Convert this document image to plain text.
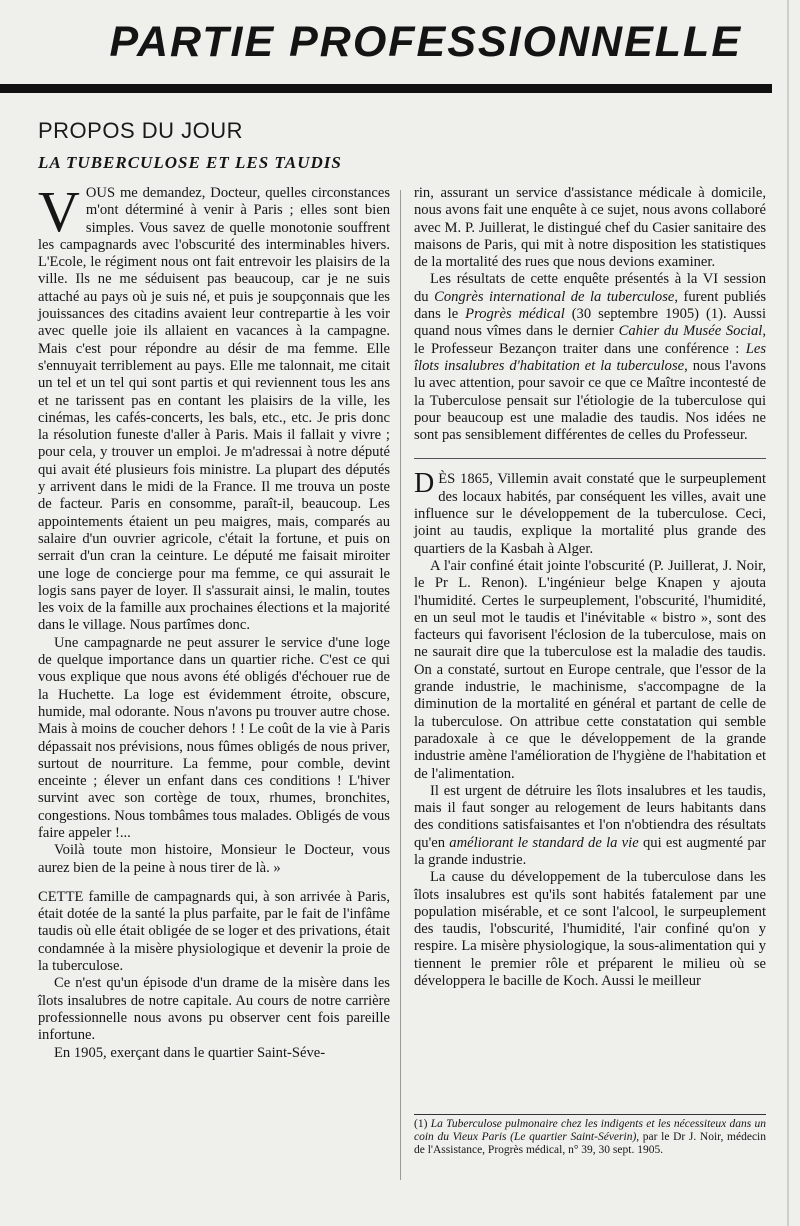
PARTIE PROFESSIONNELLE
PROPOS DU JOUR
LA TUBERCULOSE ET LES TAUDIS

VOUS me demandez, Docteur, quelles circonstances m'ont déterminé à venir à Paris ; elles sont bien simples. Vous savez de quelle monotonie souffrent les campagnards avec l'obscurité des interminables hivers. L'Ecole, le régiment nous ont fait entrevoir les plaisirs de la ville. Ils ne me séduisent pas beaucoup, car je ne suis attaché au pays où je suis né, et puis je soupçonnais que les jouissances des citadins avaient leur contrepartie à les voir avec quelle joie ils allaient en vacances à la campagne. Mais c'est pour répondre au désir de ma femme. Elle s'ennuyait terriblement au pays. Elle me talonnait, me citait un tel et un tel qui sont partis et qui reviennent tous les ans et ne tarissent pas en contant les plaisirs de la ville, les cinémas, les cafés-concerts, les bals, etc., etc. Je pris donc la résolution funeste d'aller à Paris. Mais il fallait y vivre ; pour cela, y trouver un emploi. Je m'adressai à notre député qui avait été plusieurs fois ministre. La plupart des députés y arrivent dans le midi de la France. Il me trouva un poste de facteur. Paris en consomme, paraît-il, beaucoup. Les appointements étaient un peu maigres, mais, comparés au salaire d'un ouvrier agricole, c'était la fortune, et puis on serrait d'un cran la ceinture. Le député me faisait miroiter une loge de concierge pour ma femme, ce qui assurait le logis sans payer de loyer. Il s'assurait ainsi, le malin, toutes les voix de la famille aux prochaines élections et la majorité dans le village. Nous partîmes donc.

Une campagnarde ne peut assurer le service d'une loge de quelque importance dans un quartier riche. C'est ce qui vous explique que nous avons été obligés d'échouer rue de la Huchette. La loge est évidemment étroite, obscure, humide, mal odorante. Nous n'avons pu trouver autre chose. Mais à moins de coucher dehors ! ! Le coût de la vie à Paris dépassait nos prévisions, nous fûmes obligés de nous priver, surtout de nourriture. La femme, pour comble, devint enceinte ; élever un enfant dans ces conditions ! L'hiver survint avec son cortège de toux, rhumes, bronchites, congestions. Nous tombâmes tous malades. Obligés de vous faire appeler !...

Voilà toute mon histoire, Monsieur le Docteur, vous aurez bien de la peine à nous tirer de là. »

CETTE famille de campagnards qui, à son arrivée à Paris, était dotée de la santé la plus parfaite, par le fait de l'infâme taudis où elle était obligée de se loger et des privations, était condamnée à la misère physiologique et devenir la proie de la tuberculose.

Ce n'est qu'un épisode d'un drame de la misère dans les îlots insalubres de notre capitale. Au cours de notre carrière professionnelle nous avons pu observer cent fois pareille infortune.

En 1905, exerçant dans le quartier Saint-Séve-

rin, assurant un service d'assistance médicale à domicile, nous avons fait une enquête à ce sujet, nous avons collaboré avec M. P. Juillerat, le distingué chef du Casier sanitaire des maisons de Paris, qui mit à notre disposition les statistiques de la mortalité des rues que nous devions examiner.

Les résultats de cette enquête présentés à la VI session du Congrès international de la tuberculose, furent publiés dans le Progrès médical (30 septembre 1905) (1). Aussi quand nous vîmes dans le dernier Cahier du Musée Social, le Professeur Bezançon traiter dans une conférence : Les îlots insalubres d'habitation et la tuberculose, nous l'avons lu avec attention, pour savoir ce que ce Maître incontesté de la Tuberculose pensait sur l'étiologie de la tuberculose qui pour beaucoup est une maladie des taudis. Nos idées ne sont pas sensiblement différentes de celles du Professeur.

DÈS 1865, Villemin avait constaté que le surpeuplement des locaux habités, par conséquent les villes, avait une influence sur le développement de la tuberculose. Ceci, joint au taudis, explique la mortalité plus grande des quartiers de la Kasbah à Alger.

A l'air confiné était jointe l'obscurité (P. Juillerat, J. Noir, le Pr L. Renon). L'ingénieur belge Knapen y ajouta l'humidité. Certes le surpeuplement, l'obscurité, l'humidité, en un seul mot le taudis et l'inévitable « bistro », sont des facteurs qui favorisent l'éclosion de la tuberculose, mais on ne saurait dire que la tuberculose est la maladie des taudis. On a constaté, surtout en Europe centrale, que l'essor de la grande industrie, le machinisme, s'accompagne de la diminution de la mortalité en général et partant de celle de la tuberculose. On attribue cette constatation qui semble paradoxale à ce que le développement de la grande industrie amène l'amélioration de l'hygiène de l'habitation et de l'alimentation.

Il est urgent de détruire les îlots insalubres et les taudis, mais il faut songer au relogement de leurs habitants dans des conditions satisfaisantes et l'on n'obtiendra des résultats qu'en améliorant le standard de la vie qui est augmenté par la grande industrie.

La cause du développement de la tuberculose dans les îlots insalubres est qu'ils sont habités fatalement par une population misérable, et ce sont l'alcool, le surpeuplement des taudis, l'obscurité, l'humidité, l'air confiné qu'on y respire. La misère physiologique, la sous-alimentation qui y tiennent le premier rôle et préparent le milieu où se développera le bacille de Koch. Aussi le meilleur

(1) La Tuberculose pulmonaire chez les indigents et les nécessiteux dans un coin du Vieux Paris (Le quartier Saint-Séverin), par le Dr J. Noir, médecin de l'Assistance, Progrès médical, n° 39, 30 sept. 1905.
